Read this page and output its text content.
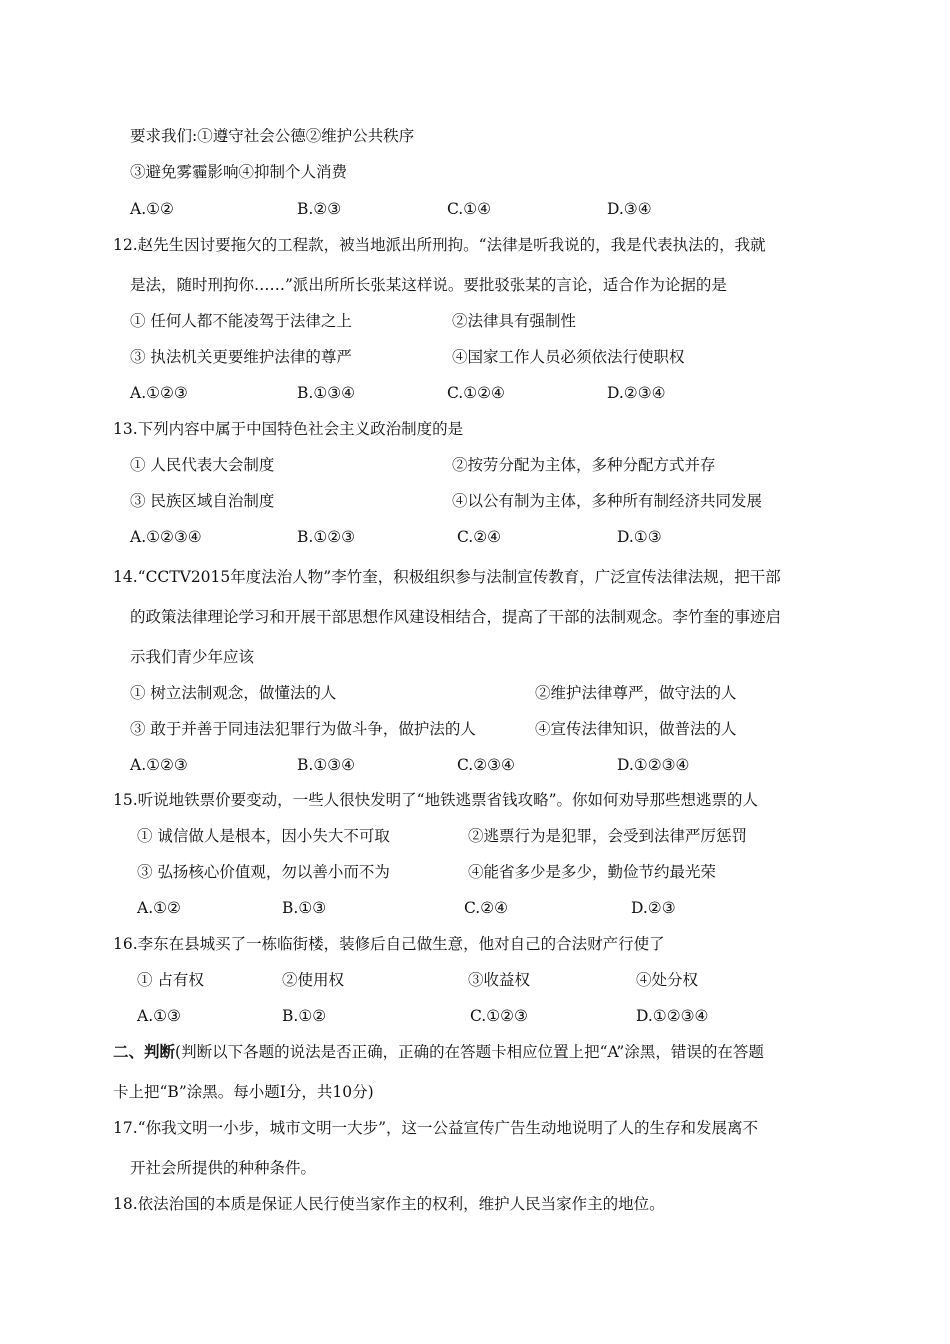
要求我们:①遵守社会公德②维护公共秩序
③避免雾霾影响④抑制个人消费
A.①②	B.②③	C.①④	D.③④
12.赵先生因讨要拖欠的工程款，被当地派出所刑拘。“法律是听我说的，我是代表执法的，我就
是法，随时刑拘你……”派出所所长张某这样说。要批驳张某的言论，适合作为论据的是
① 任何人都不能凌驾于法律之上	②法律具有强制性
③ 执法机关更要维护法律的尊严	④国家工作人员必须依法行使职权
A.①②③	B.①③④	C.①②④	D.②③④
13.下列内容中属于中国特色社会主义政治制度的是
① 人民代表大会制度	②按劳分配为主体，多种分配方式并存
③ 民族区域自治制度	④以公有制为主体，多种所有制经济共同发展
A.①②③④	B.①②③	C.②④	D.①③
14.“CCTV2015年度法治人物”李竹奎，积极组织参与法制宣传教育，广泛宣传法律法规，把干部
的政策法律理论学习和开展干部思想作风建设相结合，提高了干部的法制观念。李竹奎的事迹启
示我们青少年应该
① 树立法制观念，做懂法的人	②维护法律尊严，做守法的人
③ 敢于并善于同违法犯罪行为做斗争，做护法的人	④宣传法律知识，做普法的人
A.①②③	B.①③④	C.②③④	D.①②③④
15.听说地铁票价要变动，一些人很快发明了“地铁逃票省钱攻略”。你如何劝导那些想逃票的人
① 诚信做人是根本，因小失大不可取	②逃票行为是犯罪，会受到法律严厉惩罚
③ 弘扬核心价值观，勿以善小而不为	④能省多少是多少，勤俭节约最光荣
A.①②	B.①③	C.②④	D.②③
16.李东在县城买了一栋临街楼，装修后自己做生意，他对自己的合法财产行使了
① 占有权	②使用权	③收益权	④处分权
A.①③	B.①②	C.①②③	D.①②③④
二、判断(判断以下各题的说法是否正确，正确的在答题卡相应位置上把“A”涂黑，错误的在答题
卡上把“B”涂黑。每小题Ⅰ分，共10分)
17.“你我文明一小步，城市文明一大步”，这一公益宣传广告生动地说明了人的生存和发展离不
开社会所提供的种种条件。
18.依法治国的本质是保证人民行使当家作主的权利，维护人民当家作主的地位。
